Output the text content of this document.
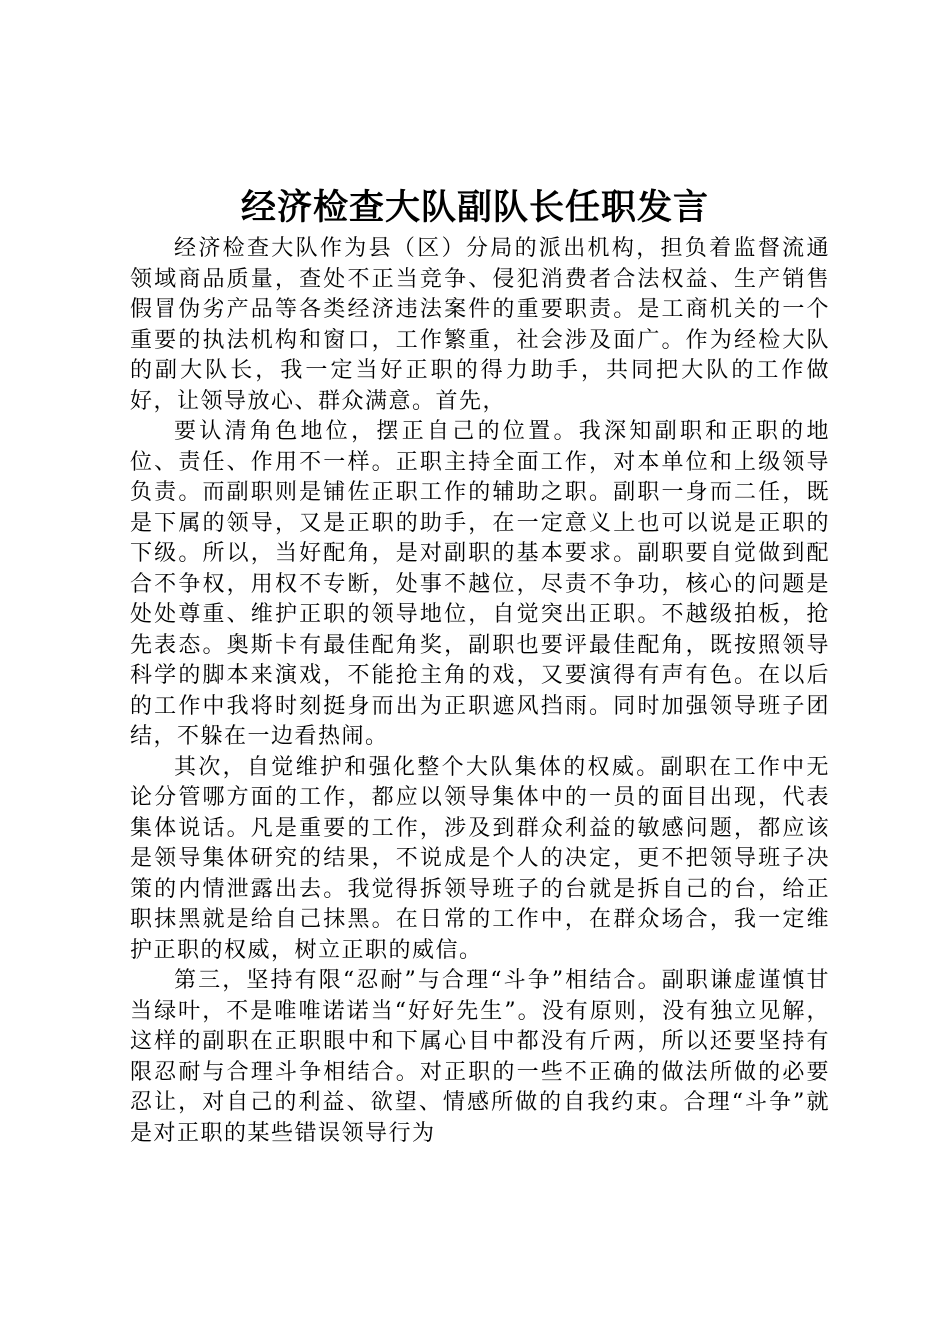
经济检查大队副队长任职发言

经济检查大队作为县（区）分局的派出机构，担负着监督流通领域商品质量，查处不正当竞争、侵犯消费者合法权益、生产销售假冒伪劣产品等各类经济违法案件的重要职责。是工商机关的一个重要的执法机构和窗口，工作繁重，社会涉及面广。作为经检大队的副大队长，我一定当好正职的得力助手，共同把大队的工作做好，让领导放心、群众满意。首先，

要认清角色地位，摆正自己的位置。我深知副职和正职的地位、责任、作用不一样。正职主持全面工作，对本单位和上级领导负责。而副职则是铺佐正职工作的辅助之职。副职一身而二任，既是下属的领导，又是正职的助手，在一定意义上也可以说是正职的下级。所以，当好配角，是对副职的基本要求。副职要自觉做到配合不争权，用权不专断，处事不越位，尽责不争功，核心的问题是处处尊重、维护正职的领导地位，自觉突出正职。不越级拍板，抢先表态。奥斯卡有最佳配角奖，副职也要评最佳配角，既按照领导科学的脚本来演戏，不能抢主角的戏，又要演得有声有色。在以后的工作中我将时刻挺身而出为正职遮风挡雨。同时加强领导班子团结，不躲在一边看热闹。

其次，自觉维护和强化整个大队集体的权威。副职在工作中无论分管哪方面的工作，都应以领导集体中的一员的面目出现，代表集体说话。凡是重要的工作，涉及到群众利益的敏感问题，都应该是领导集体研究的结果，不说成是个人的决定，更不把领导班子决策的内情泄露出去。我觉得拆领导班子的台就是拆自己的台，给正职抹黑就是给自己抹黑。在日常的工作中，在群众场合，我一定维护正职的权威，树立正职的威信。

第三，坚持有限“忍耐”与合理“斗争”相结合。副职谦虚谨慎甘当绿叶，不是唯唯诺诺当“好好先生”。没有原则，没有独立见解，这样的副职在正职眼中和下属心目中都没有斤两，所以还要坚持有限忍耐与合理斗争相结合。对正职的一些不正确的做法所做的必要忍让，对自己的利益、欲望、情感所做的自我约束。合理“斗争”就是对正职的某些错误领导行为
